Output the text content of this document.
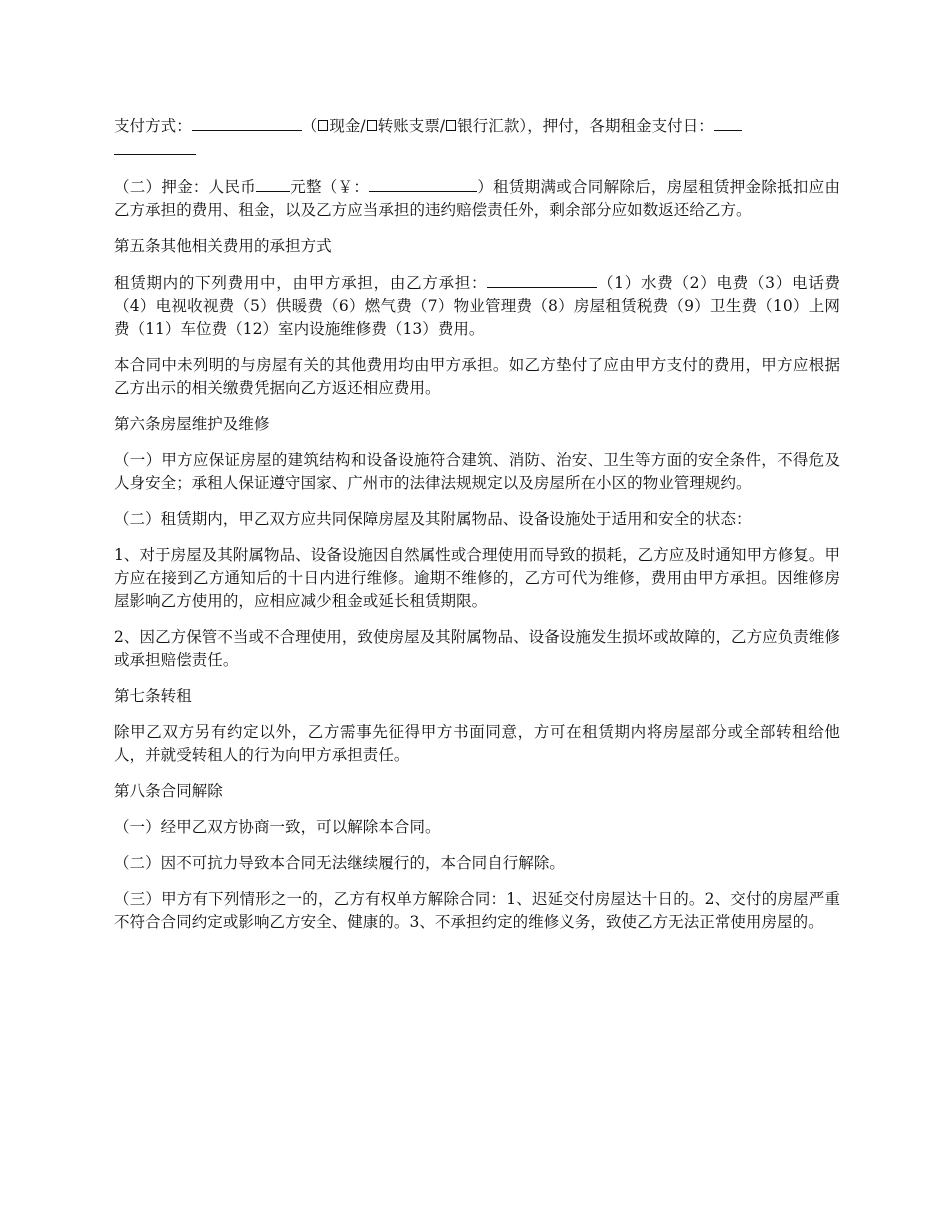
支付方式：	（ 现金/ 转账支票/ 银行汇款），押付，各期租金支付日：

（二）押金：人民币 元整（￥：	）租赁期满或合同解除后，房屋租赁押金除抵扣应由乙方承担的费用、租金，以及乙方应当承担的违约赔偿责任外，剩余部分应如数返还给乙方。

第五条其他相关费用的承担方式

租赁期内的下列费用中，由甲方承担，由乙方承担：	（1）水费（2）电费（3）电话费（4）电视收视费（5）供暖费（6）燃气费（7）物业管理费（8）房屋租赁税费（9）卫生费（10）上网费（11）车位费（12）室内设施维修费（13）费用。

本合同中未列明的与房屋有关的其他费用均由甲方承担。如乙方垫付了应由甲方支付的费用，甲方应根据乙方出示的相关缴费凭据向乙方返还相应费用。

第六条房屋维护及维修

（一）甲方应保证房屋的建筑结构和设备设施符合建筑、消防、治安、卫生等方面的安全条件，不得危及人身安全；承租人保证遵守国家、广州市的法律法规规定以及房屋所在小区的物业管理规约。

（二）租赁期内，甲乙双方应共同保障房屋及其附属物品、设备设施处于适用和安全的状态：

1、对于房屋及其附属物品、设备设施因自然属性或合理使用而导致的损耗，乙方应及时通知甲方修复。甲方应在接到乙方通知后的十日内进行维修。逾期不维修的，乙方可代为维修，费用由甲方承担。因维修房屋影响乙方使用的，应相应减少租金或延长租赁期限。

2、因乙方保管不当或不合理使用，致使房屋及其附属物品、设备设施发生损坏或故障的，乙方应负责维修或承担赔偿责任。

第七条转租

除甲乙双方另有约定以外，乙方需事先征得甲方书面同意，方可在租赁期内将房屋部分或全部转租给他人，并就受转租人的行为向甲方承担责任。

第八条合同解除

（一）经甲乙双方协商一致，可以解除本合同。

（二）因不可抗力导致本合同无法继续履行的，本合同自行解除。

（三）甲方有下列情形之一的，乙方有权单方解除合同：1、迟延交付房屋达十日的。2、交付的房屋严重不符合合同约定或影响乙方安全、健康的。3、不承担约定的维修义务，致使乙方无法正常使用房屋的。
